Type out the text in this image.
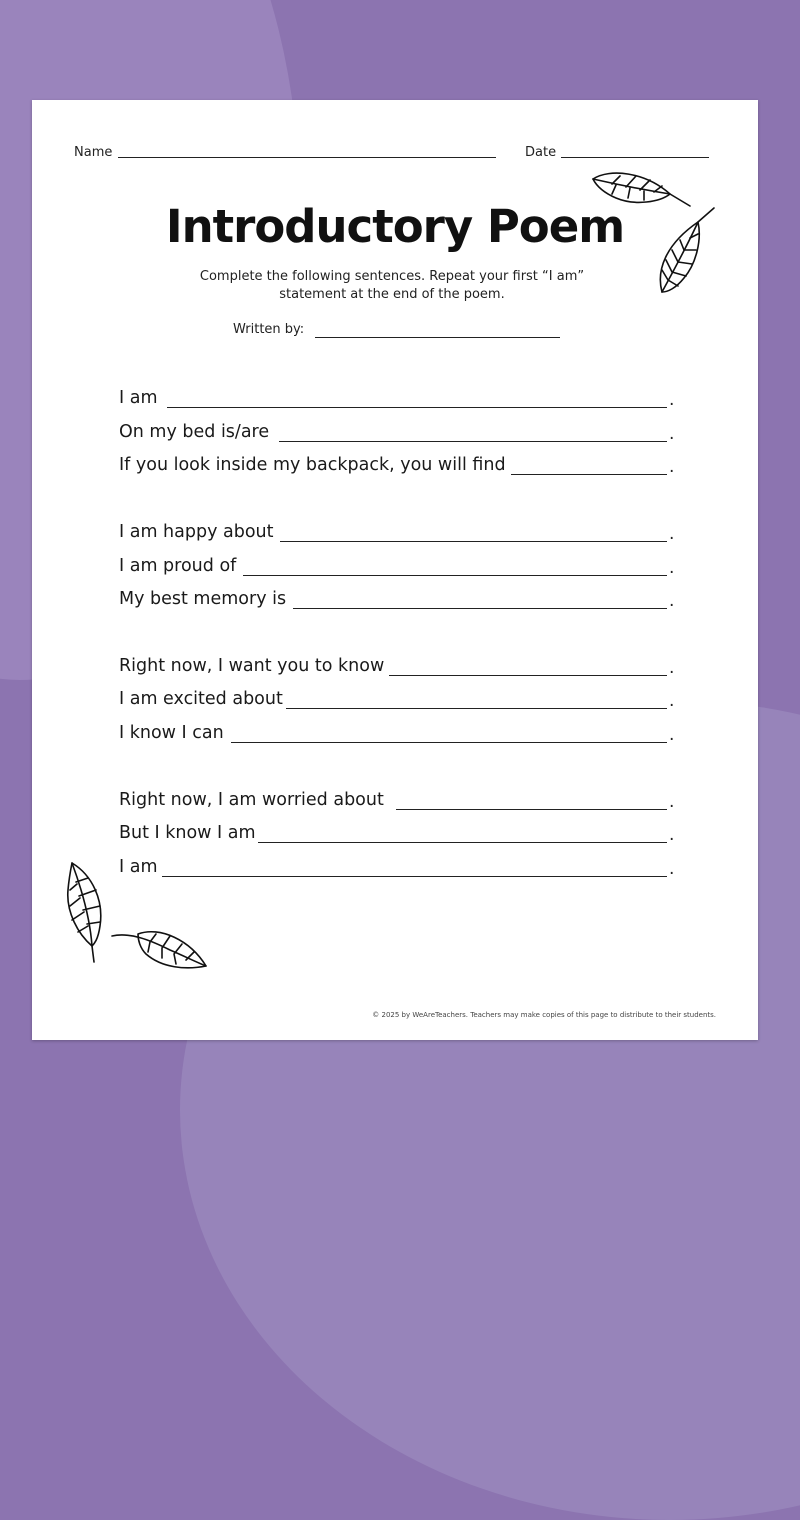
Name	Date
Introductory Poem
Complete the following sentences. Repeat your first “I am”
statement at the end of the poem.
Written by:
I am	.
On my bed is/are	.
If you look inside my backpack, you will find	.
I am happy about	.
I am proud of	.
My best memory is	.
Right now, I want you to know	.
I am excited about	.
I know I can	.
Right now, I am worried about	.
But I know I am	.
I am	.
© 2025 by WeAreTeachers. Teachers may make copies of this page to distribute to their students.
